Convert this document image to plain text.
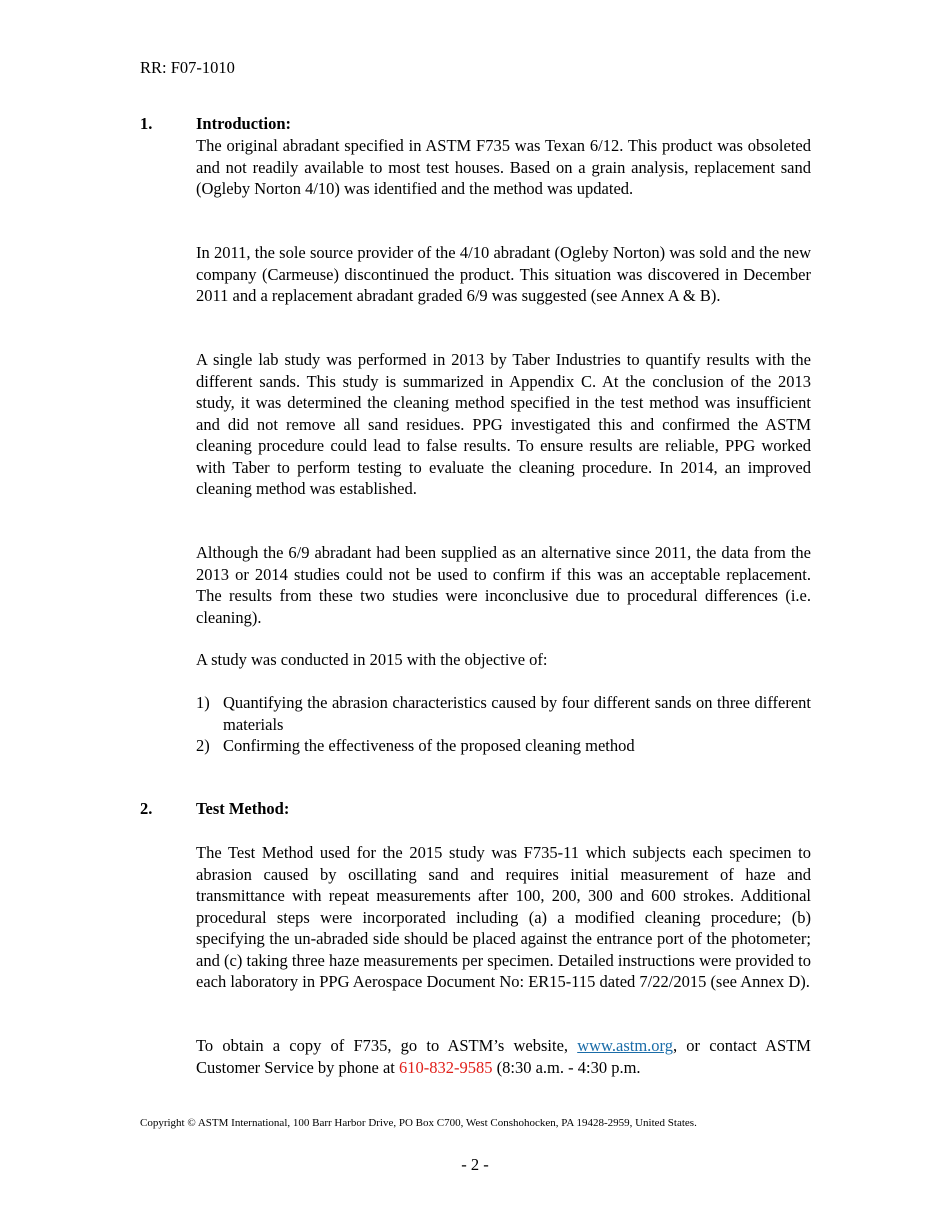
RR: F07-1010
1.	Introduction:

The original abradant specified in ASTM F735 was Texan 6/12. This product was obsoleted and not readily available to most test houses. Based on a grain analysis, replacement sand (Ogleby Norton 4/10) was identified and the method was updated.

In 2011, the sole source provider of the 4/10 abradant (Ogleby Norton) was sold and the new company (Carmeuse) discontinued the product. This situation was discovered in December 2011 and a replacement abradant graded 6/9 was suggested (see Annex A & B).

A single lab study was performed in 2013 by Taber Industries to quantify results with the different sands. This study is summarized in Appendix C. At the conclusion of the 2013 study, it was determined the cleaning method specified in the test method was insufficient and did not remove all sand residues. PPG investigated this and confirmed the ASTM cleaning procedure could lead to false results. To ensure results are reliable, PPG worked with Taber to perform testing to evaluate the cleaning procedure. In 2014, an improved cleaning method was established.

Although the 6/9 abradant had been supplied as an alternative since 2011, the data from the 2013 or 2014 studies could not be used to confirm if this was an acceptable replacement. The results from these two studies were inconclusive due to procedural differences (i.e. cleaning).

A study was conducted in 2015 with the objective of:

1) Quantifying the abrasion characteristics caused by four different sands on three different materials
2) Confirming the effectiveness of the proposed cleaning method
2.	Test Method:

The Test Method used for the 2015 study was F735-11 which subjects each specimen to abrasion caused by oscillating sand and requires initial measurement of haze and transmittance with repeat measurements after 100, 200, 300 and 600 strokes. Additional procedural steps were incorporated including (a) a modified cleaning procedure; (b) specifying the un-abraded side should be placed against the entrance port of the photometer; and (c) taking three haze measurements per specimen. Detailed instructions were provided to each laboratory in PPG Aerospace Document No: ER15-115 dated 7/22/2015 (see Annex D).

To obtain a copy of F735, go to ASTM’s website, www.astm.org, or contact ASTM Customer Service by phone at 610-832-9585 (8:30 a.m. - 4:30 p.m.

Copyright © ASTM International, 100 Barr Harbor Drive, PO Box C700, West Conshohocken, PA 19428-2959, United States.
- 2 -
